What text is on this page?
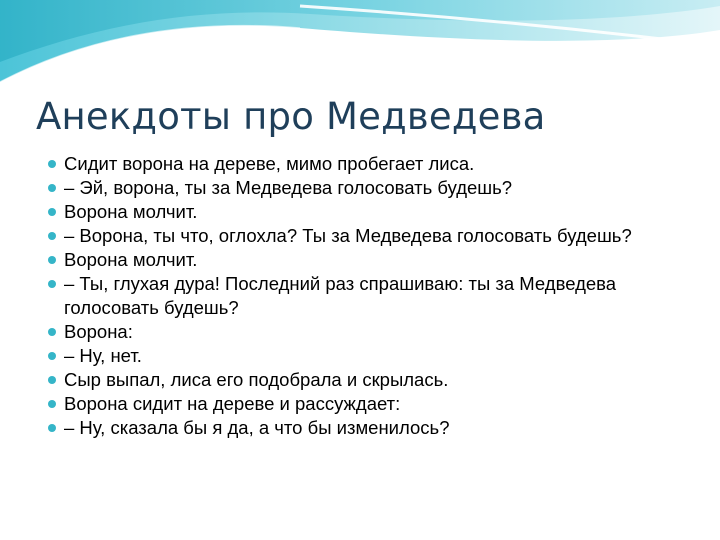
Анекдоты про Медведева
Сидит ворона на дереве, мимо пробегает лиса.
– Эй, ворона, ты за Медведева голосовать будешь?
Ворона молчит.
– Ворона, ты что, оглохла? Ты за Медведева голосовать будешь?
Ворона молчит.
– Ты, глухая дура! Последний раз спрашиваю: ты за Медведева голосовать будешь?
Ворона:
– Ну, нет.
Сыр выпал, лиса его подобрала и скрылась.
Ворона сидит на дереве и рассуждает:
– Ну, сказала бы я да, а что бы изменилось?
